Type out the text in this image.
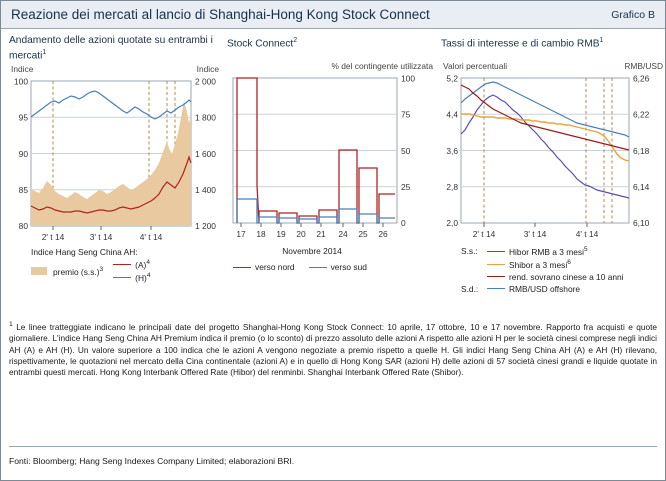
Reazione dei mercati al lancio di Shanghai-Hong Kong Stock Connect	Grafico B
Andamento delle azioni quotate su entrambi i mercati$^1$
Indice	Indice
100
95
90
85
80
2 000
1 800
1 600
1 400
1 200
2' t 14	3' t 14	4' t 14
Indice Hang Seng China AH:
premio $(s.s.)^3$	$(A)^4$
$(H)^4$
Stock Connect$^2$
% del contingente utilizzata
100
75
50
25
0
17 18 19 20 21 24 25 26
Novembre 2014
verso nord	verso sud
Tassi di interesse e di cambio RMB$^1$
Valori percentuali	RMB/USD
5,2
4,4
3,6
2,8
2,0
6,26
6,22
6,18
6,14
6,10
2' t 14	3' t 14	4' t 14
S.s.:	Hibor RMB a 3 mesi$^5$
Shibor a 3 mesi$^6$
rend. sovrano cinese a 10 anni
S.d.:	RMB/USD offshore
$^1$ Le linee tratteggiate indicano le principali date del progetto Shanghai-Hong Kong Stock Connect: 10 aprile, 17 ottobre, 10 e 17 novembre. Rapporto fra acquisti e quote giornaliere. L'indice Hang Seng China AH Premium indica il premio (o lo sconto) di prezzo assoluto delle azioni A rispetto alle azioni H per le società cinesi comprese negli indici AH (A) e AH (H). Un valore superiore a 100 indica che le azioni A vengono negoziate a premio rispetto a quelle H. Gli indici Hang Seng China AH (A) e AH (H) rilevano, rispettivamente, le quotazioni nel mercato della Cina continentale (azioni A) e in quello di Hong Kong SAR (azioni H) delle azioni di 57 società cinesi grandi e liquide quotate in entrambi questi mercati. Hong Kong Interbank Offered Rate (Hibor) del renminbi. Shanghai Interbank Offered Rate (Shibor).
Fonti: Bloomberg; Hang Seng Indexes Company Limited; elaborazioni BRI.
